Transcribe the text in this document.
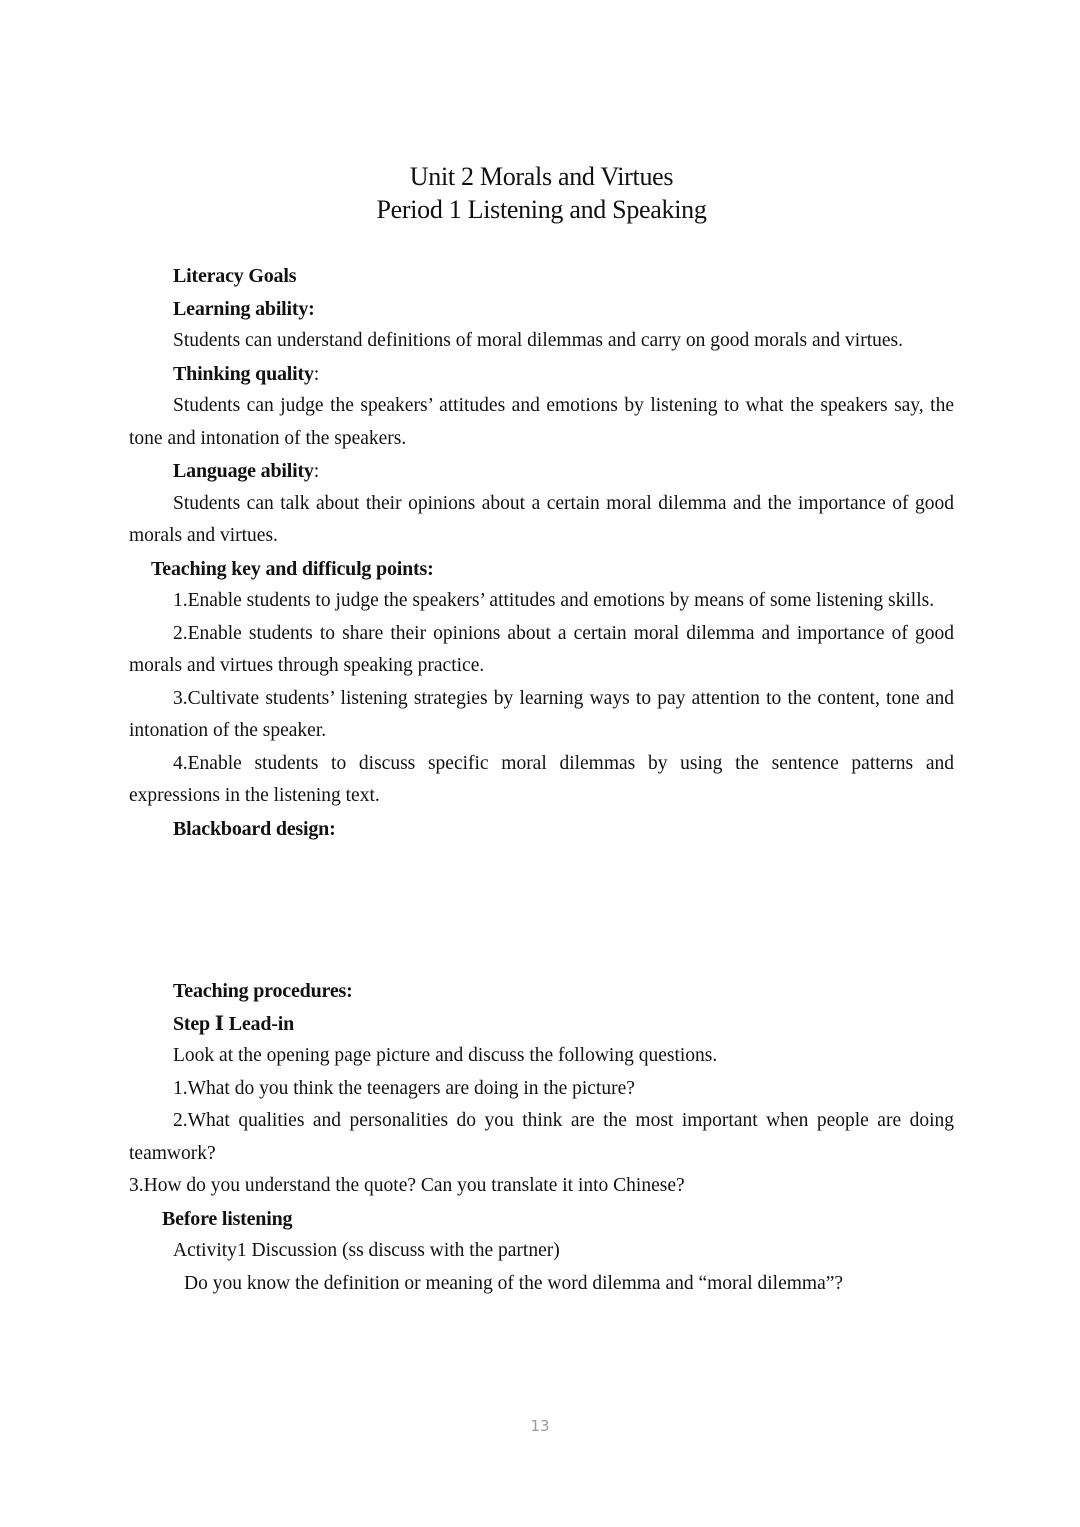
Unit 2 Morals and Virtues
Period 1 Listening and Speaking

Literacy Goals

Learning ability:

Students can understand definitions of moral dilemmas and carry on good morals and virtues.

Thinking quality:

Students can judge the speakers’ attitudes and emotions by listening to what the speakers say, the tone and intonation of the speakers.

Language ability:

Students can talk about their opinions about a certain moral dilemma and the importance of good morals and virtues.

Teaching key and difficulg points:

1.Enable students to judge the speakers’ attitudes and emotions by means of some listening skills.

2.Enable students to share their opinions about a certain moral dilemma and importance of good morals and virtues through speaking practice.

3.Cultivate students’ listening strategies by learning ways to pay attention to the content, tone and intonation of the speaker.

4.Enable students to discuss specific moral dilemmas by using the sentence patterns and expressions in the listening text.

Blackboard design:

Teaching procedures:

Step Ⅰ Lead-in

Look at the opening page picture and discuss the following questions.

1.What do you think the teenagers are doing in the picture?

2.What qualities and personalities do you think are the most important when people are doing teamwork?

3.How do you understand the quote? Can you translate it into Chinese?

Before listening

Activity1 Discussion (ss discuss with the partner)

Do you know the definition or meaning of the word dilemma and “moral dilemma”?

13
